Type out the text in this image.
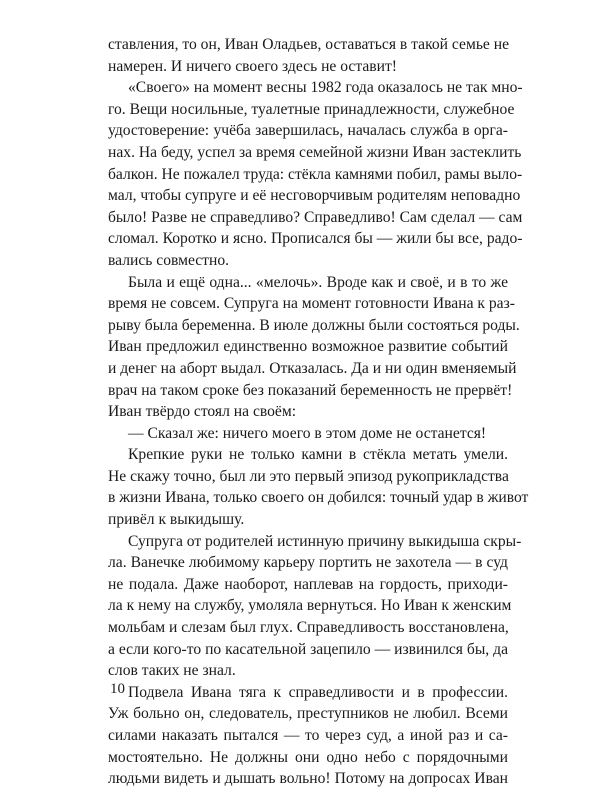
ставления, то он, Иван Оладьев, оставаться в такой семье не
намерен. И ничего своего здесь не оставит!
«Своего» на момент весны 1982 года оказалось не так мно-
го. Вещи носильные, туалетные принадлежности, служебное
удостоверение: учёба завершилась, началась служба в орга-
нах. На беду, успел за время семейной жизни Иван застеклить
балкон. Не пожалел труда: стёкла камнями побил, рамы выло-
мал, чтобы супруге и её несговорчивым родителям неповадно
было! Разве не справедливо? Справедливо! Сам сделал — сам
сломал. Коротко и ясно. Прописался бы — жили бы все, радо-
вались совместно.
Была и ещё одна... «мелочь». Вроде как и своё, и в то же
время не совсем. Супруга на момент готовности Ивана к раз-
рыву была беременна. В июле должны были состояться роды.
Иван предложил единственно возможное развитие событий
и денег на аборт выдал. Отказалась. Да и ни один вменяемый
врач на таком сроке без показаний беременность не прервёт!
Иван твёрдо стоял на своём:
— Сказал же: ничего моего в этом доме не останется!
Крепкие руки не только камни в стёкла метать умели.
Не скажу точно, был ли это первый эпизод рукоприкладства
в жизни Ивана, только своего он добился: точный удар в живот
привёл к выкидышу.
Супруга от родителей истинную причину выкидыша скры-
ла. Ванечке любимому карьеру портить не захотела — в суд
не подала. Даже наоборот, наплевав на гордость, приходи-
ла к нему на службу, умоляла вернуться. Но Иван к женским
мольбам и слезам был глух. Справедливость восстановлена,
а если кого-то по касательной зацепило — извинился бы, да
слов таких не знал.
Подвела Ивана тяга к справедливости и в профессии.
Уж больно он, следователь, преступников не любил. Всеми
силами наказать пытался — то через суд, а иной раз и са-
мостоятельно. Не должны они одно небо с порядочными
людьми видеть и дышать вольно! Потому на допросах Иван
10
